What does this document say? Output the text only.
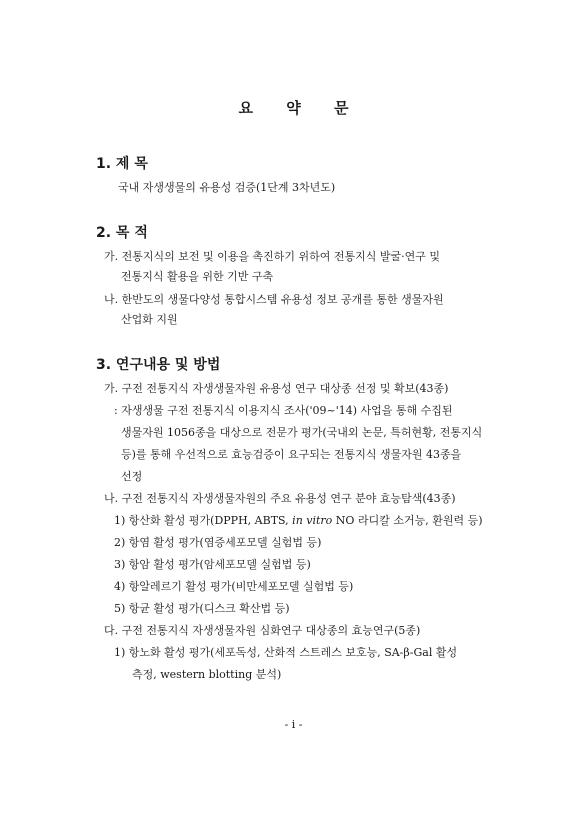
요 약 문
1. 제 목
국내 자생생물의 유용성 검증(1단계 3차년도)
2. 목 적
가. 전통지식의 보전 및 이용을 촉진하기 위하여 전통지식 발굴·연구 및
전통지식 활용을 위한 기반 구축
나. 한반도의 생물다양성 통합시스템 유용성 정보 공개를 통한 생물자원
산업화 지원
3. 연구내용 및 방법
가. 구전 전통지식 자생생물자원 유용성 연구 대상종 선정 및 확보(43종)
: 자생생물 구전 전통지식 이용지식 조사('09~'14) 사업을 통해 수집된
생물자원 1056종을 대상으로 전문가 평가(국내외 논문, 특허현황, 전통지식
등)를 통해 우선적으로 효능검증이 요구되는 전통지식 생물자원 43종을
선정
나. 구전 전통지식 자생생물자원의 주요 유용성 연구 분야 효능탐색(43종)
1) 항산화 활성 평가(DPPH, ABTS, in vitro NO 라디칼 소거능, 환원력 등)
2) 항염 활성 평가(염증세포모델 실험법 등)
3) 항암 활성 평가(암세포모델 실험법 등)
4) 항알레르기 활성 평가(비만세포모델 실험법 등)
5) 항균 활성 평가(디스크 확산법 등)
다. 구전 전통지식 자생생물자원 심화연구 대상종의 효능연구(5종)
1) 항노화 활성 평가(세포독성, 산화적 스트레스 보호능, SA-β-Gal 활성
측정, western blotting 분석)
- i -
